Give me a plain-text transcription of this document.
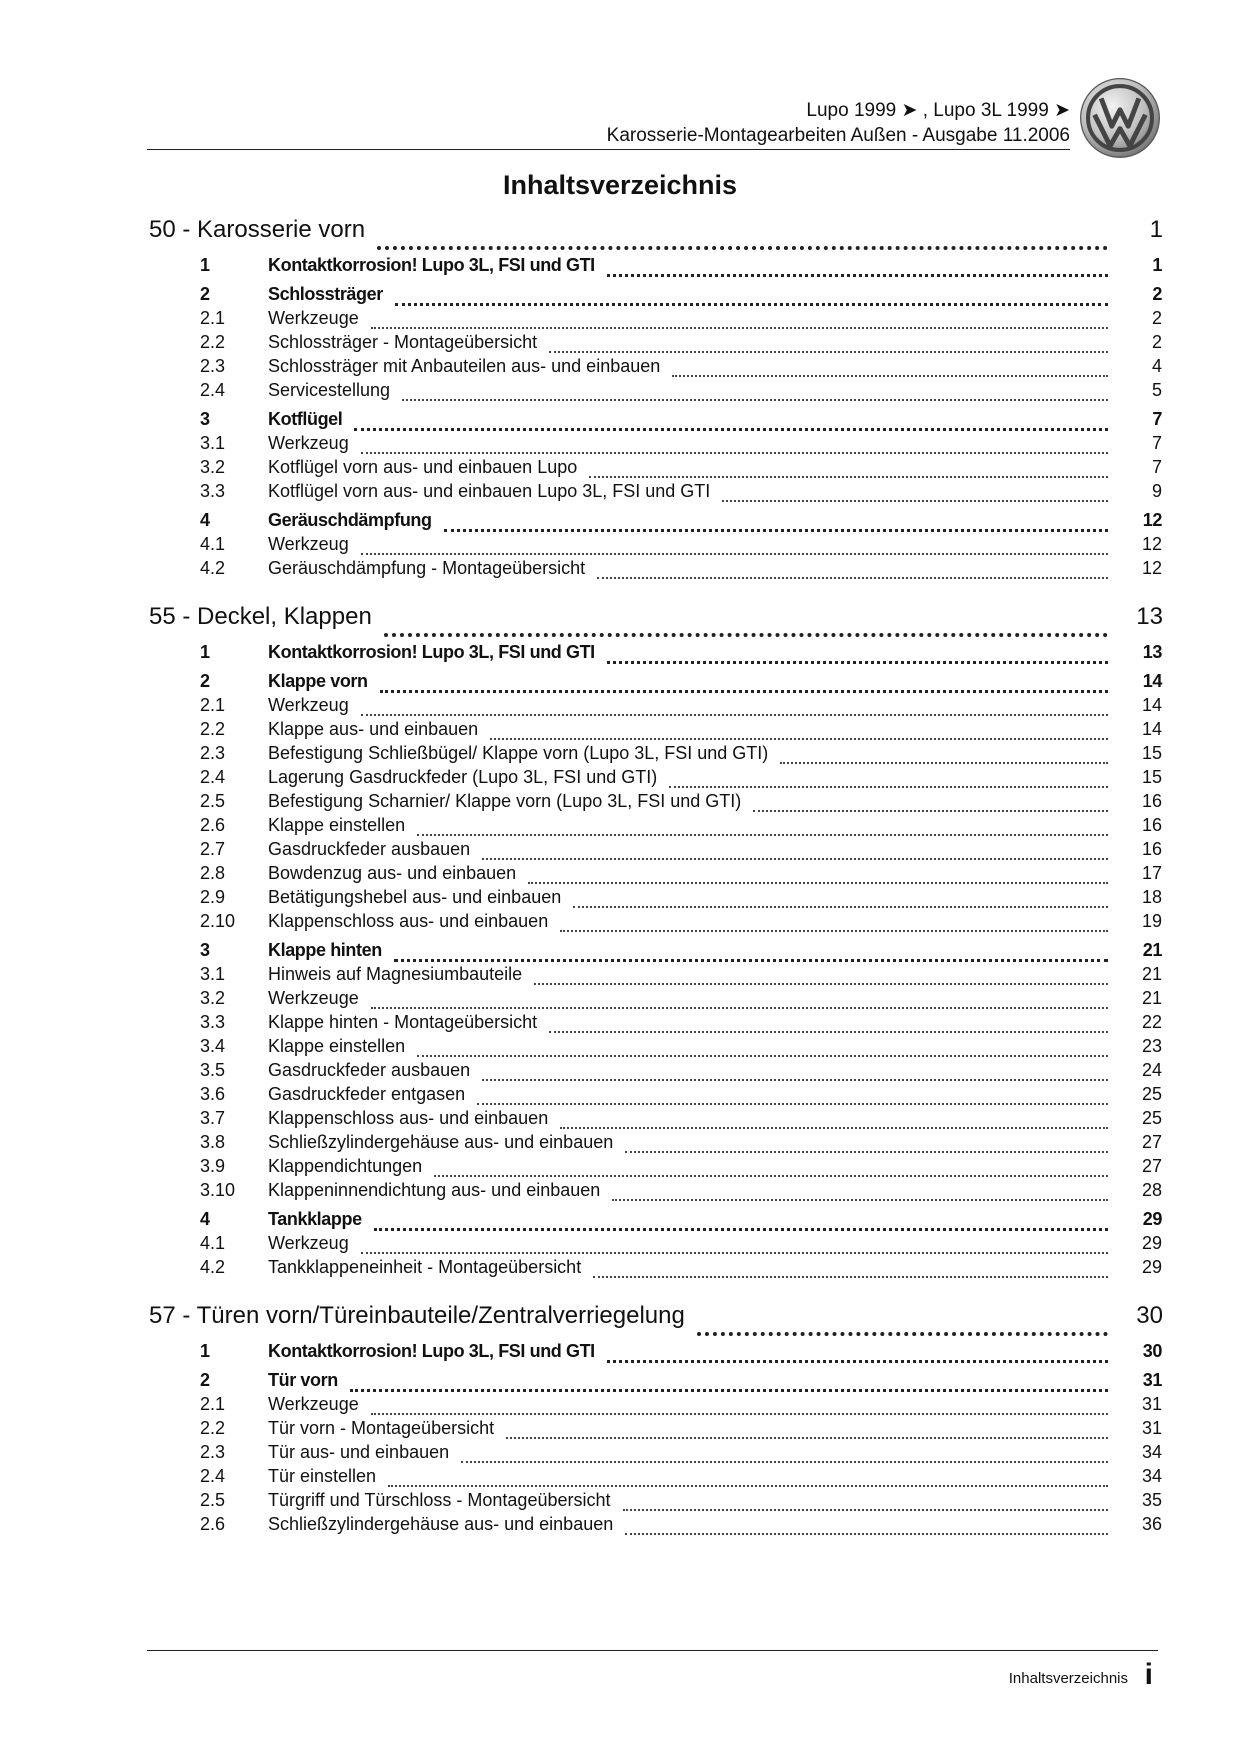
Lupo 1999 ➤ , Lupo 3L 1999 ➤
Karosserie-Montagearbeiten Außen - Ausgabe 11.2006
Inhaltsverzeichnis
50 - Karosserie vorn	1
1	Kontaktkorrosion! Lupo 3L, FSI und GTI	1
2	Schlossträger	2
2.1 Werkzeuge	2
2.2 Schlossträger - Montageübersicht	2
2.3 Schlossträger mit Anbauteilen aus- und einbauen	4
2.4 Servicestellung	5
3	Kotflügel	7
3.1 Werkzeug	7
3.2 Kotflügel vorn aus- und einbauen Lupo	7
3.3 Kotflügel vorn aus- und einbauen Lupo 3L, FSI und GTI	9
4	Geräuschdämpfung	12
4.1 Werkzeug	12
4.2 Geräuschdämpfung - Montageübersicht	12
55 - Deckel, Klappen	13
1	Kontaktkorrosion! Lupo 3L, FSI und GTI	13
2	Klappe vorn	14
2.1 Werkzeug	14
2.2 Klappe aus- und einbauen	14
2.3 Befestigung Schließbügel/ Klappe vorn (Lupo 3L, FSI und GTI)	15
2.4 Lagerung Gasdruckfeder (Lupo 3L, FSI und GTI)	15
2.5 Befestigung Scharnier/ Klappe vorn (Lupo 3L, FSI und GTI)	16
2.6 Klappe einstellen	16
2.7 Gasdruckfeder ausbauen	16
2.8 Bowdenzug aus- und einbauen	17
2.9 Betätigungshebel aus- und einbauen	18
2.10 Klappenschloss aus- und einbauen	19
3	Klappe hinten	21
3.1 Hinweis auf Magnesiumbauteile	21
3.2 Werkzeuge	21
3.3 Klappe hinten - Montageübersicht	22
3.4 Klappe einstellen	23
3.5 Gasdruckfeder ausbauen	24
3.6 Gasdruckfeder entgasen	25
3.7 Klappenschloss aus- und einbauen	25
3.8 Schließzylindergehäuse aus- und einbauen	27
3.9 Klappendichtungen	27
3.10 Klappeninnendichtung aus- und einbauen	28
4	Tankklappe	29
4.1 Werkzeug	29
4.2 Tankklappeneinheit - Montageübersicht	29
57 - Türen vorn/Türeinbauteile/Zentralverriegelung	30
1	Kontaktkorrosion! Lupo 3L, FSI und GTI	30
2	Tür vorn	31
2.1 Werkzeuge	31
2.2 Tür vorn - Montageübersicht	31
2.3 Tür aus- und einbauen	34
2.4 Tür einstellen	34
2.5 Türgriff und Türschloss - Montageübersicht	35
2.6 Schließzylindergehäuse aus- und einbauen	36
Inhaltsverzeichnis i
